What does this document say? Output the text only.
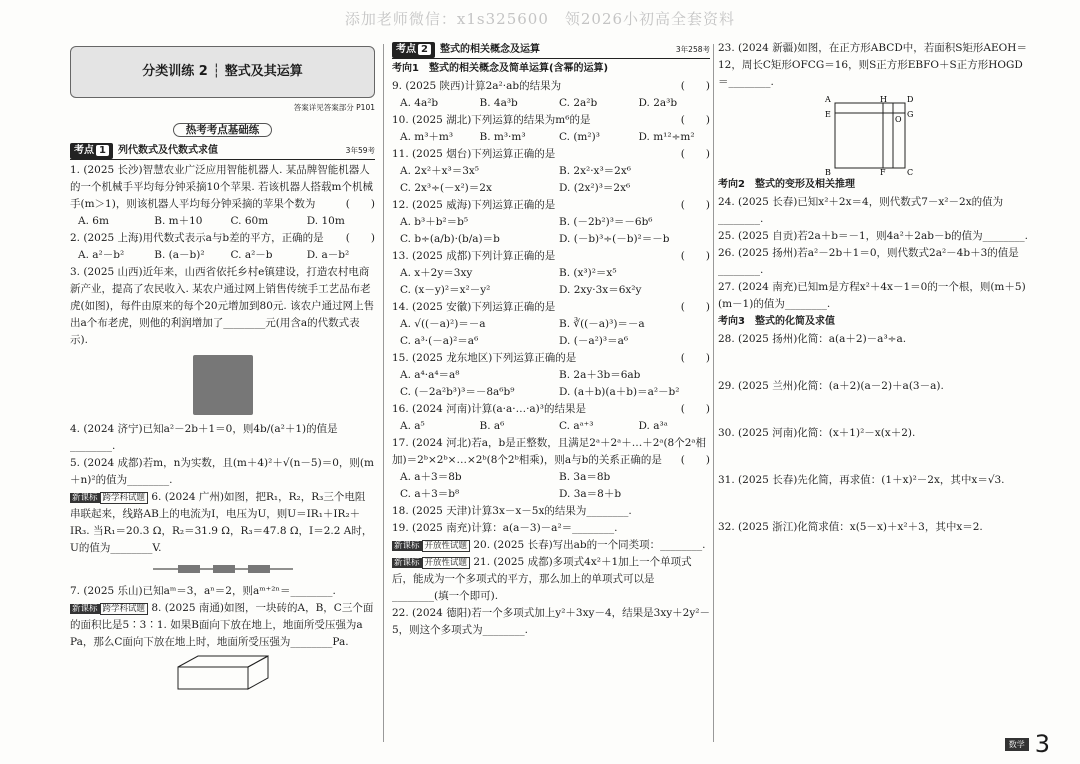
添加老师微信：x1s325600　领2026小初高全套资料
分类训练 2 ┆ 整式及其运算
答案详见答案部分 P101
热考考点基础练
考点 1	列代数式及代数式求值	3年59考
1. (2025 长沙)智慧农业广泛应用智能机器人. 某品牌智能机器人的一个机械手平均每分钟采摘10个苹果. 若该机器人搭载m个机械手(m＞1)，则该机器人平均每分钟采摘的苹果个数为	(　　)
A. 6m	B. m＋10	C. 60m	D. 10m
2. (2025 上海)用代数式表示a与b差的平方，正确的是 (　　)
A. a²－b²	B. (a－b)²	C. a²－b	D. a－b²
3. (2025 山西)近年来，山西省依托乡村e镇建设，打造农村电商新产业，提高了农民收入. 某农户通过网上销售传统手工艺品布老虎(如图)，每件由原来的每个20元增加到80元. 该农户通过网上售出a个布老虎，则他的利润增加了________元(用含a的代数式表示).
4. (2024 济宁)已知a²－2b＋1＝0，则4b/(a²＋1)的值是________.
5. (2024 成都)若m，n为实数，且(m＋4)²＋√(n－5)＝0，则(m＋n)²的值为________.
新课标 跨学科试题 6. (2024 广州)如图，把R₁，R₂，R₃三个电阻串联起来，线路AB上的电流为I，电压为U，则U＝IR₁＋IR₂＋IR₃. 当R₁＝20.3 Ω，R₂＝31.9 Ω，R₃＝47.8 Ω，I＝2.2 A时，U的值为________V.
7. (2025 乐山)已知aᵐ＝3，aⁿ＝2，则aᵐ⁺²ⁿ＝________.
新课标 跨学科试题 8. (2025 南通)如图，一块砖的A，B，C三个面的面积比是5∶3∶1. 如果B面向下放在地上，地面所受压强为a Pa，那么C面向下放在地上时，地面所受压强为________Pa.
考点 2	整式的相关概念及运算	3年258考
考向1　整式的相关概念及简单运算(含幂的运算)
9. (2025 陕西)计算2a²·ab的结果为	(　　)
A. 4a²b	B. 4a³b	C. 2a²b	D. 2a³b
10. (2025 湖北)下列运算的结果为m⁶的是	(　　)
A. m³＋m³	B. m³·m³	C. (m²)³	D. m¹²÷m²
11. (2025 烟台)下列运算正确的是	(　　)
A. 2x²＋x³＝3x⁵	B. 2x²·x³＝2x⁶
C. 2x³÷(－x²)＝2x	D. (2x²)³＝2x⁶
12. (2025 威海)下列运算正确的是	(　　)
A. b³＋b²＝b⁵	B. (－2b²)³＝－6b⁶
C. b÷(a/b)·(b/a)＝b	D. (－b)³÷(－b)²＝－b
13. (2025 成都)下列计算正确的是	(　　)
A. x＋2y＝3xy	B. (x³)²＝x⁵
C. (x－y)²＝x²－y²	D. 2xy·3x＝6x²y
14. (2025 安徽)下列运算正确的是	(　　)
A. √((－a)²)＝－a	B. ∛((－a)³)＝－a
C. a³·(－a)²＝a⁶	D. (－a²)³＝a⁶
15. (2025 龙东地区)下列运算正确的是	(　　)
A. a⁴·a⁴＝a⁸	B. 2a＋3b＝6ab
C. (－2a²b³)³＝－8a⁶b⁹	D. (a＋b)(a＋b)＝a²－b²
16. (2024 河南)计算(a·a·…·a)³的结果是	(　　)
A. a⁵	B. a⁶	C. aᵃ⁺³	D. a³ᵃ
17. (2024 河北)若a，b是正整数，且满足2ᵃ＋2ᵃ＋…＋2ᵃ(8个2ᵃ相加)＝2ᵇ×2ᵇ×…×2ᵇ(8个2ᵇ相乘)，则a与b的关系正确的是 (　　)
A. a＋3＝8b	B. 3a＝8b
C. a＋3＝b⁸	D. 3a＝8＋b
18. (2025 天津)计算3x－x－5x的结果为________.
19. (2025 南充)计算：a(a－3)－a²＝________.
新课标 开放性试题 20. (2025 长春)写出ab的一个同类项：________.
新课标 开放性试题 21. (2025 成都)多项式4x²＋1加上一个单项式后，能成为一个多项式的平方，那么加上的单项式可以是________(填一个即可).
22. (2024 德阳)若一个多项式加上y²＋3xy－4，结果是3xy＋2y²－5，则这个多项式为________.
23. (2024 新疆)如图，在正方形ABCD中，若面积S矩形AEOH＝12，周长C矩形OFCG＝16，则S正方形EBFO＋S正方形HOGD＝________.
A	H	D
E	G
O
B	F	C
考向2　整式的变形及相关推理
24. (2025 长春)已知x²＋2x＝4，则代数式7－x²－2x的值为________.
25. (2025 自贡)若2a＋b＝－1，则4a²＋2ab－b的值为________.
26. (2025 扬州)若a²－2b＋1＝0，则代数式2a²－4b＋3的值是________.
27. (2024 南充)已知m是方程x²＋4x－1＝0的一个根，则(m＋5)(m－1)的值为________.
考向3　整式的化简及求值
28. (2025 扬州)化简：a(a＋2)－a³÷a.
29. (2025 兰州)化简：(a＋2)(a－2)＋a(3－a).
30. (2025 河南)化简：(x＋1)²－x(x＋2).
31. (2025 长春)先化简，再求值：(1＋x)²－2x，其中x＝√3.
32. (2025 浙江)化简求值：x(5－x)＋x²＋3，其中x＝2.
数学 3
